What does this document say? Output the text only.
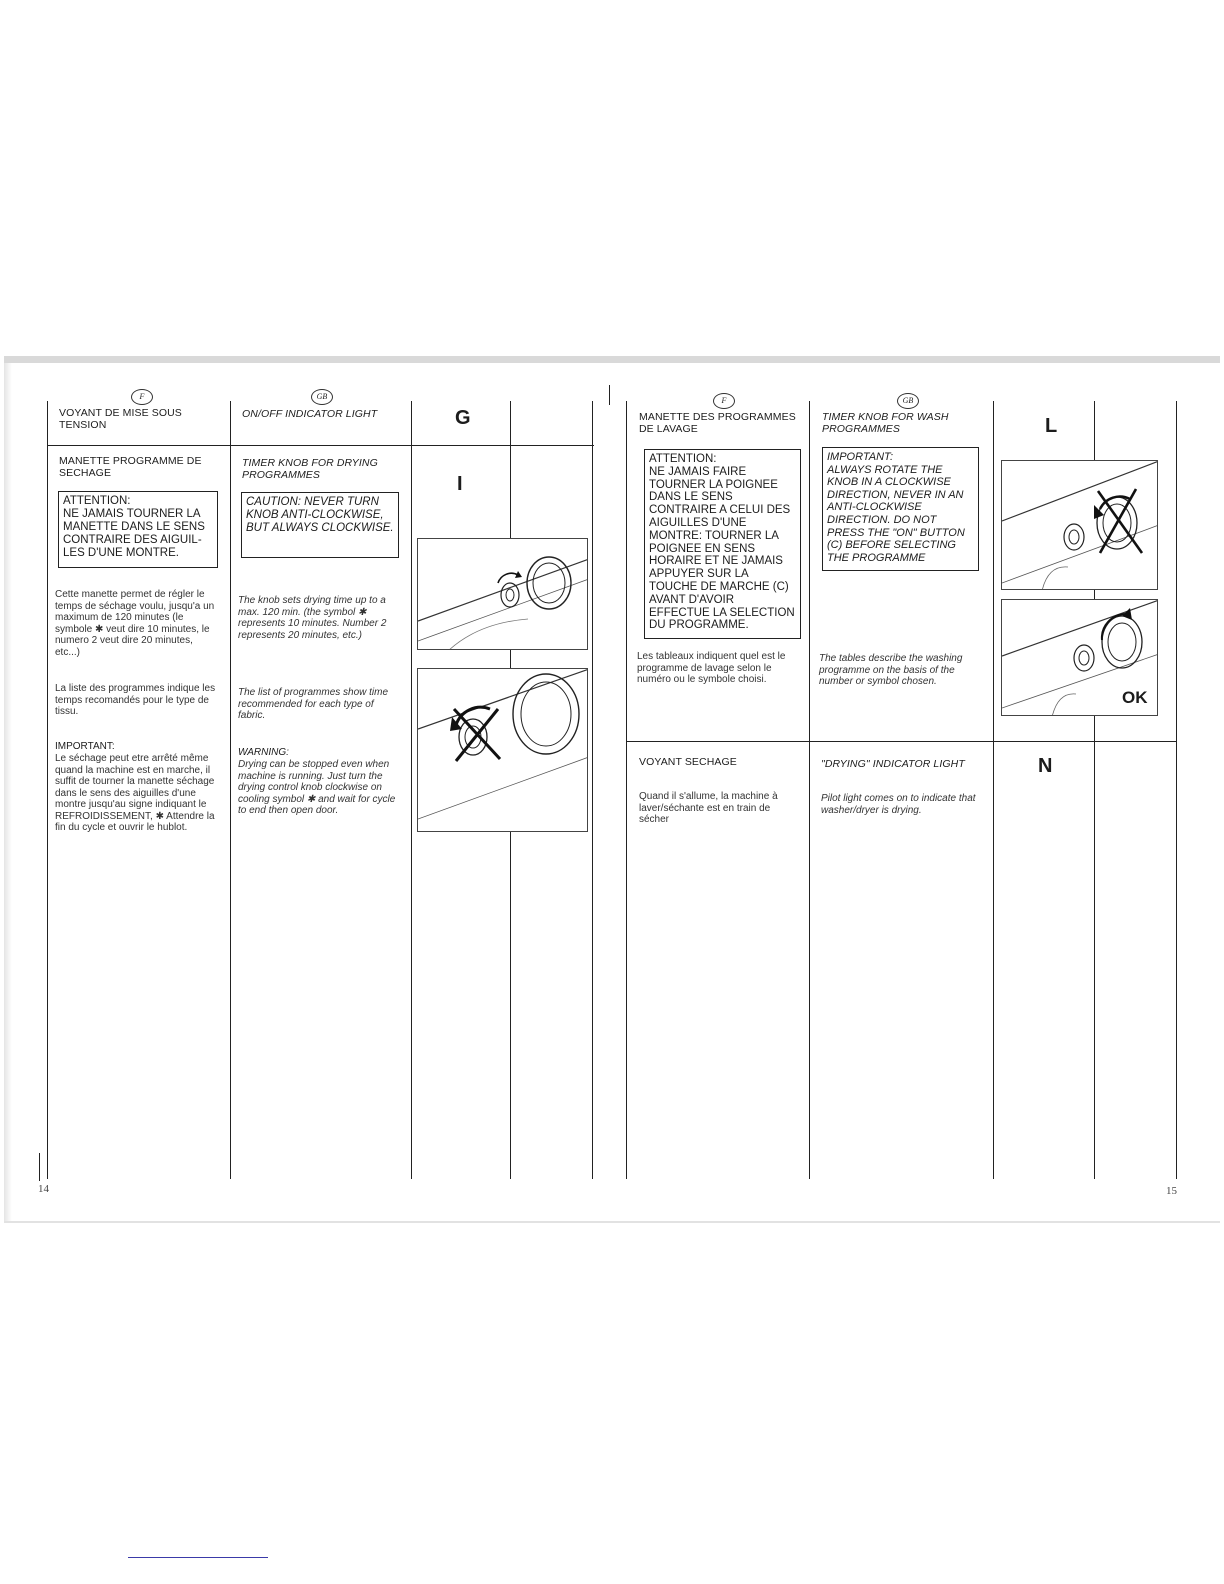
F	GB
VOYANT DE MISE SOUS TENSION
ON/OFF INDICATOR LIGHT	G
MANETTE PROGRAMME DE SECHAGE
TIMER KNOB FOR DRYING PROGRAMMES	I
ATTENTION:
NE JAMAIS TOURNER LA MANETTE DANS LE SENS CONTRAIRE DES AIGUIL-LES D'UNE MONTRE.
CAUTION: NEVER TURN KNOB ANTI-CLOCKWISE, BUT ALWAYS CLOCKWISE.
Cette manette permet de régler le temps de séchage voulu, jusqu'a un maximum de 120 minutes (le symbole ✱ veut dire 10 minutes, le numero 2 veut dire 20 minutes, etc...)
La liste des programmes indique les temps recomandés pour le type de tissu.
IMPORTANT:
Le séchage peut etre arrêté même quand la machine est en marche, il suffit de tourner la manette séchage dans le sens des aiguilles d'une montre jusqu'au signe indiquant le REFROIDISSEMENT, ✱ Attendre la fin du cycle et ouvrir le hublot.
The knob sets drying time up to a max. 120 min. (the symbol ✱ represents 10 minutes. Number 2 represents 20 minutes, etc.)
The list of programmes show time recommended for each type of fabric.
WARNING:
Drying can be stopped even when machine is running. Just turn the drying control knob clockwise on cooling symbol ✱ and wait for cycle to end then open door.
14
F	GB
MANETTE DES PROGRAMMES DE LAVAGE
TIMER KNOB FOR WASH PROGRAMMES	L
ATTENTION:
NE JAMAIS FAIRE TOURNER LA POIGNEE DANS LE SENS CONTRAIRE A CELUI DES AIGUILLES D'UNE MONTRE: TOURNER LA POIGNEE EN SENS HORAIRE ET NE JAMAIS APPUYER SUR LA TOUCHE DE MARCHE (C) AVANT D'AVOIR EFFECTUE LA SELECTION DU PROGRAMME.
IMPORTANT:
ALWAYS ROTATE THE KNOB IN A CLOCKWISE DIRECTION, NEVER IN AN ANTI-CLOCKWISE DIRECTION. DO NOT PRESS THE "ON" BUTTON (C) BEFORE SELECTING THE PROGRAMME
Les tableaux indiquent quel est le programme de lavage selon le numéro ou le symbole choisi.
The tables describe the washing programme on the basis of the number or symbol chosen.
OK
VOYANT SECHAGE	"DRYING" INDICATOR LIGHT	N
Quand il s'allume, la machine à laver/séchante est en train de sécher
Pilot light comes on to indicate that washer/dryer is drying.
15
